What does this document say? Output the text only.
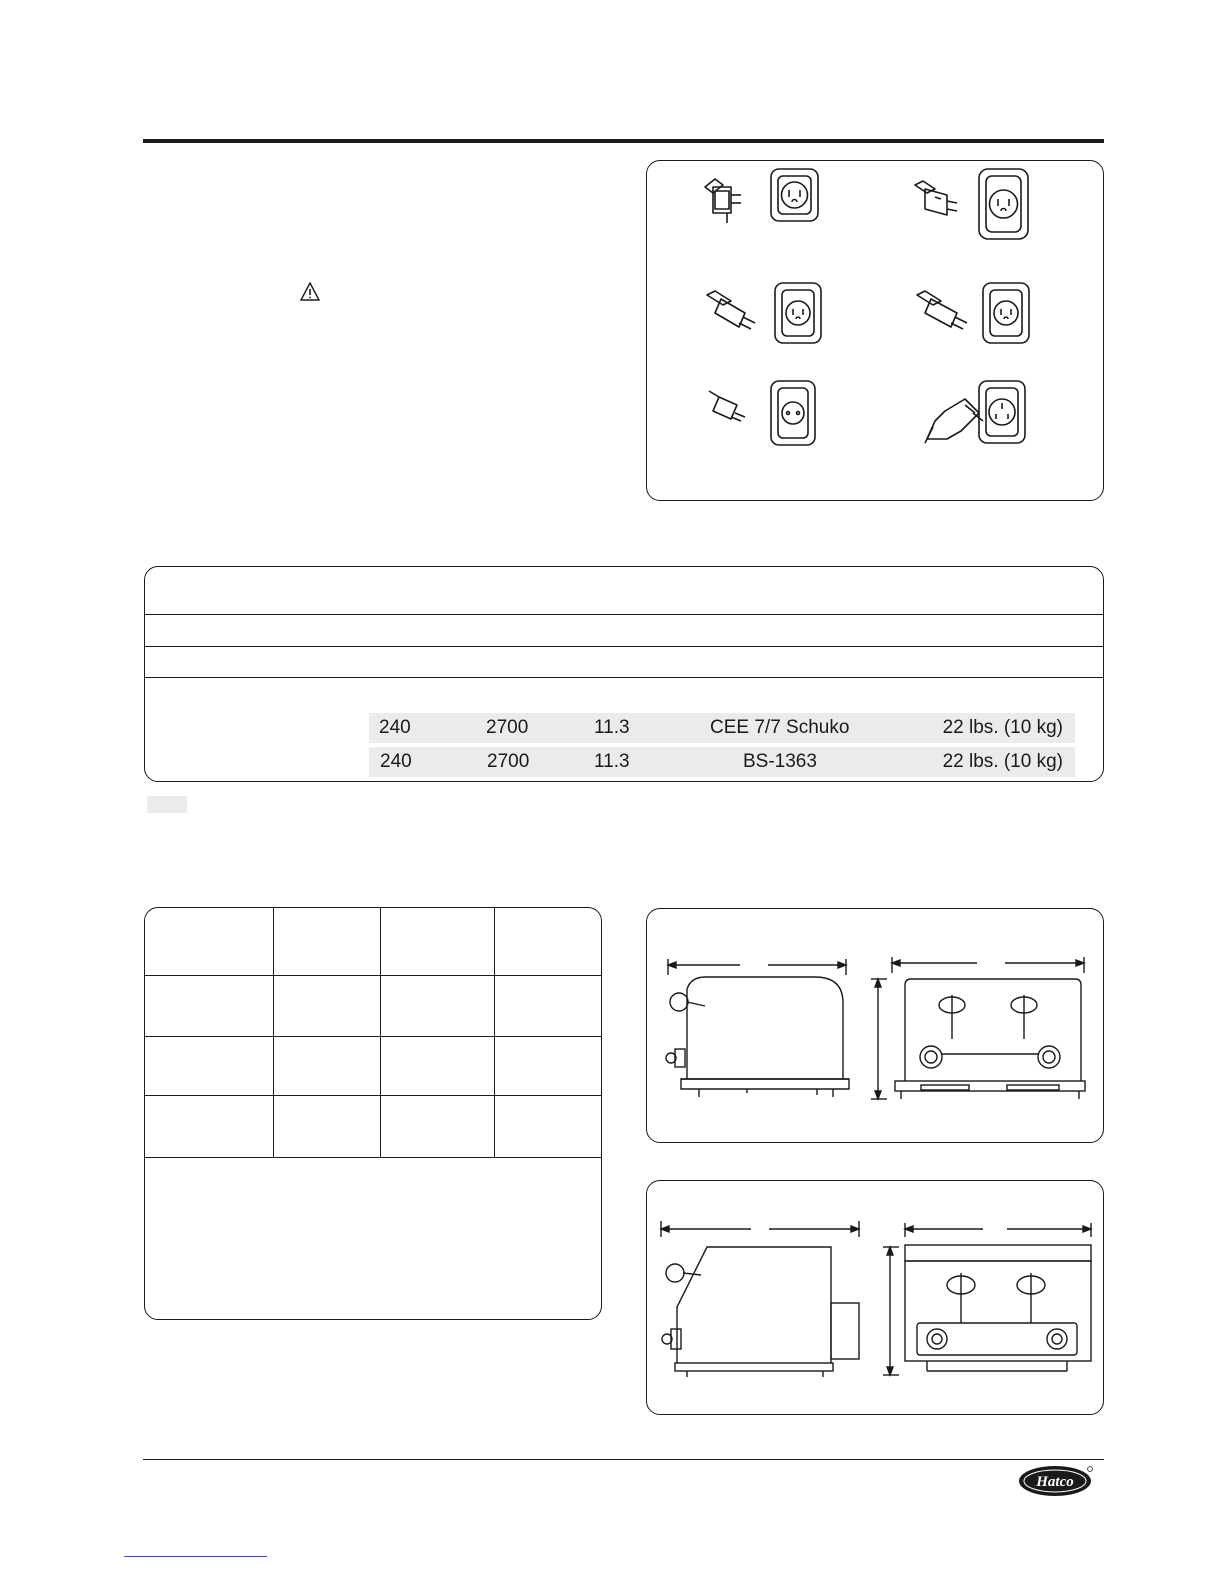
240	2700	11.3	CEE 7/7 Schuko	22 lbs. (10 kg)
240	2700	11.3	BS-1363	22 lbs. (10 kg)
Hatco
